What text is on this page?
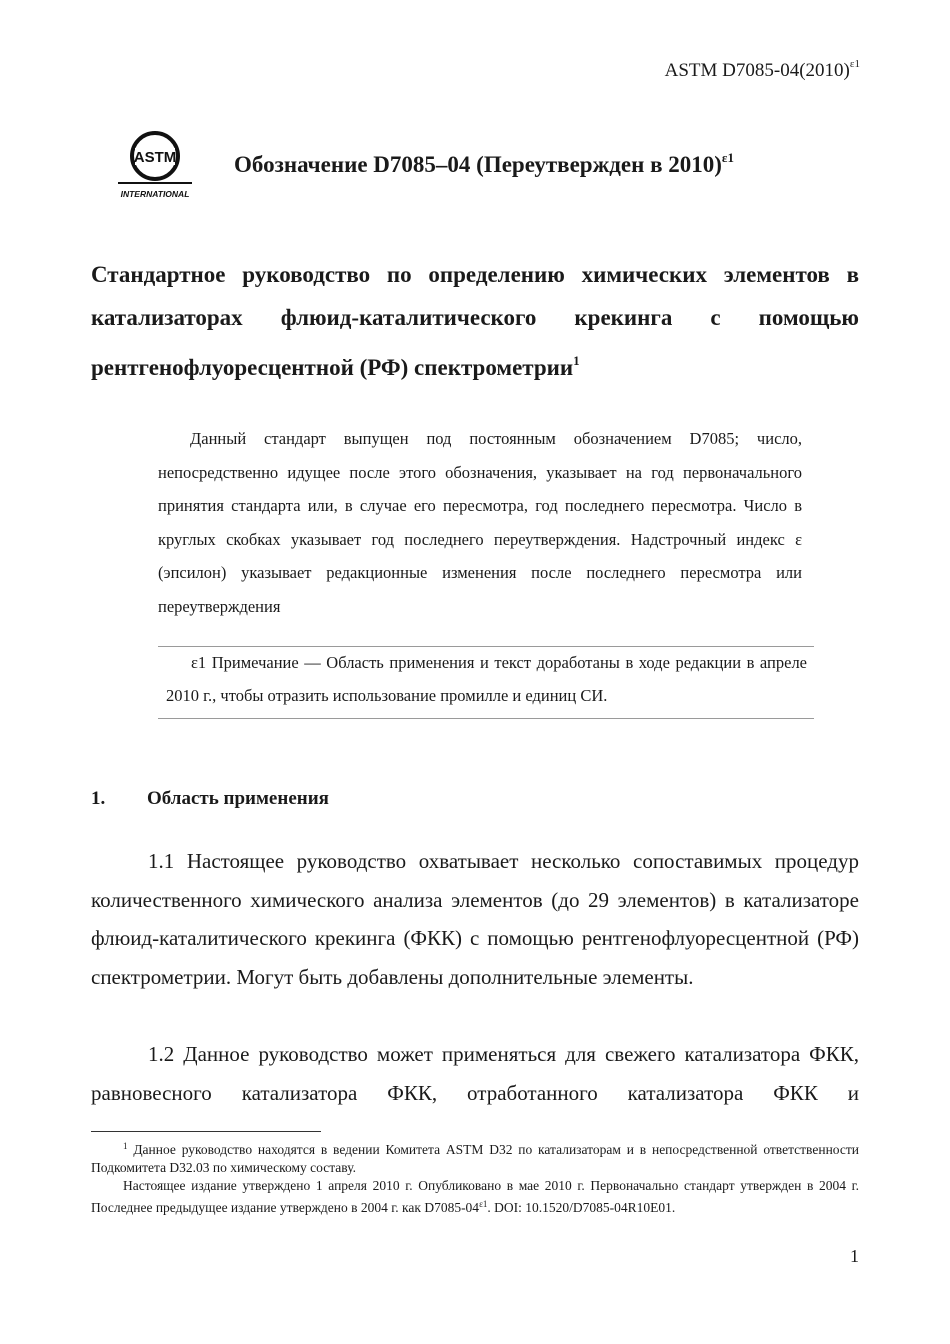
ASTM $D7085-04(2010)^{\varepsilon 1}$
ASTM
INTERNATIONAL
Обозначение D7085–04 (Переутвержден в 2010)$^{\varepsilon 1}$
Стандартное руководство по определению химических элементов в катализаторах флюид-каталитического крекинга с помощью рентгенофлуоресцентной (РФ) спектрометрии$^1$
Данный стандарт выпущен под постоянным обозначением D7085; число, непосредственно идущее после этого обозначения, указывает на год первоначального принятия стандарта или, в случае его пересмотра, год последнего пересмотра. Число в круглых скобках указывает год последнего переутверждения. Надстрочный индекс ε (эпсилон) указывает редакционные изменения после последнего пересмотра или переутверждения

ε1 Примечание — Область применения и текст доработаны в ходе редакции в апреле 2010 г., чтобы отразить использование промилле и единиц СИ.

1. Область применения
1.1 Настоящее руководство охватывает несколько сопоставимых процедур количественного химического анализа элементов (до 29 элементов) в катализаторе флюид-каталитического крекинга (ФКК) с помощью рентгенофлуоресцентной (РФ) спектрометрии. Могут быть добавлены дополнительные элементы.
1.2 Данное руководство может применяться для свежего катализатора ФКК, равновесного катализатора ФКК, отработанного катализатора ФКК и

$^1$ Данное руководство находятся в ведении Комитета ASTM D32 по катализаторам и в непосредственной ответственности Подкомитета D32.03 по химическому составу.

Настоящее издание утверждено 1 апреля 2010 г. Опубликовано в мае 2010 г. Первоначально стандарт утвержден в 2004 г. Последнее предыдущее издание утверждено в 2004 г. как $D7085-04^{\varepsilon 1}$. DOI: 10.1520/D7085-04R10E01.

1
